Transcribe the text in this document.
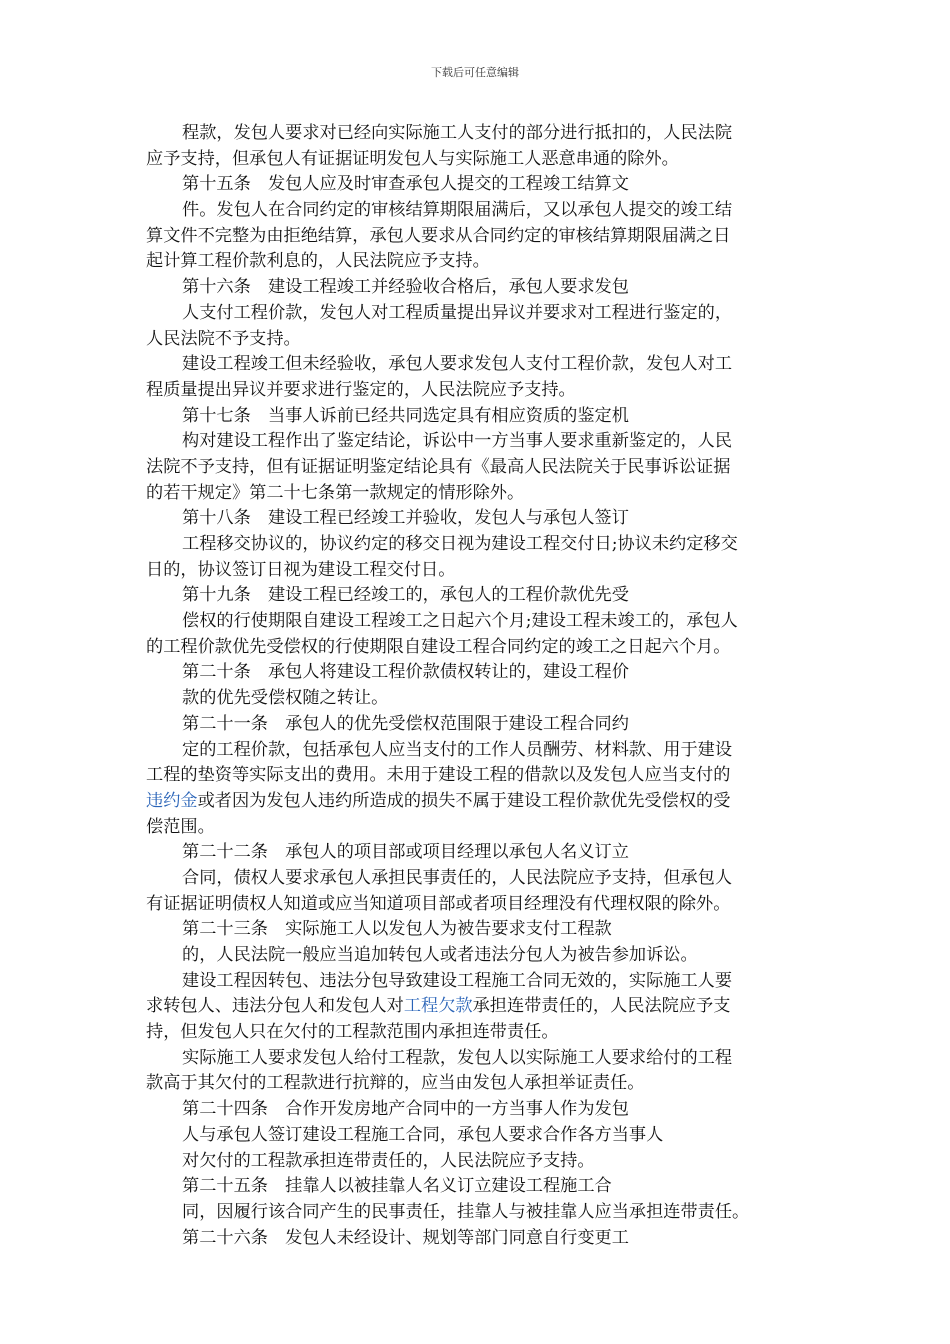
下载后可任意编辑
程款，发包人要求对已经向实际施工人支付的部分进行抵扣的，人民法院
应予支持，但承包人有证据证明发包人与实际施工人恶意串通的除外。
第十五条　发包人应及时审查承包人提交的工程竣工结算文
件。发包人在合同约定的审核结算期限届满后，又以承包人提交的竣工结
算文件不完整为由拒绝结算，承包人要求从合同约定的审核结算期限届满之日
起计算工程价款利息的，人民法院应予支持。
第十六条　建设工程竣工并经验收合格后，承包人要求发包
人支付工程价款，发包人对工程质量提出异议并要求对工程进行鉴定的，
人民法院不予支持。
建设工程竣工但未经验收，承包人要求发包人支付工程价款，发包人对工
程质量提出异议并要求进行鉴定的，人民法院应予支持。
第十七条　当事人诉前已经共同选定具有相应资质的鉴定机
构对建设工程作出了鉴定结论，诉讼中一方当事人要求重新鉴定的，人民
法院不予支持，但有证据证明鉴定结论具有《最高人民法院关于民事诉讼证据
的若干规定》第二十七条第一款规定的情形除外。
第十八条　建设工程已经竣工并验收，发包人与承包人签订
工程移交协议的，协议约定的移交日视为建设工程交付日;协议未约定移交
日的，协议签订日视为建设工程交付日。
第十九条　建设工程已经竣工的，承包人的工程价款优先受
偿权的行使期限自建设工程竣工之日起六个月;建设工程未竣工的，承包人
的工程价款优先受偿权的行使期限自建设工程合同约定的竣工之日起六个月。
第二十条　承包人将建设工程价款债权转让的，建设工程价
款的优先受偿权随之转让。
第二十一条　承包人的优先受偿权范围限于建设工程合同约
定的工程价款，包括承包人应当支付的工作人员酬劳、材料款、用于建设
工程的垫资等实际支出的费用。未用于建设工程的借款以及发包人应当支付的
违约金或者因为发包人违约所造成的损失不属于建设工程价款优先受偿权的受
偿范围。
第二十二条　承包人的项目部或项目经理以承包人名义订立
合同，债权人要求承包人承担民事责任的，人民法院应予支持，但承包人
有证据证明债权人知道或应当知道项目部或者项目经理没有代理权限的除外。
第二十三条　实际施工人以发包人为被告要求支付工程款
的，人民法院一般应当追加转包人或者违法分包人为被告参加诉讼。
建设工程因转包、违法分包导致建设工程施工合同无效的，实际施工人要
求转包人、违法分包人和发包人对工程欠款承担连带责任的，人民法院应予支
持，但发包人只在欠付的工程款范围内承担连带责任。
实际施工人要求发包人给付工程款，发包人以实际施工人要求给付的工程
款高于其欠付的工程款进行抗辩的，应当由发包人承担举证责任。
第二十四条　合作开发房地产合同中的一方当事人作为发包
人与承包人签订建设工程施工合同，承包人要求合作各方当事人
对欠付的工程款承担连带责任的，人民法院应予支持。
第二十五条　挂靠人以被挂靠人名义订立建设工程施工合
同，因履行该合同产生的民事责任，挂靠人与被挂靠人应当承担连带责任。
第二十六条　发包人未经设计、规划等部门同意自行变更工
